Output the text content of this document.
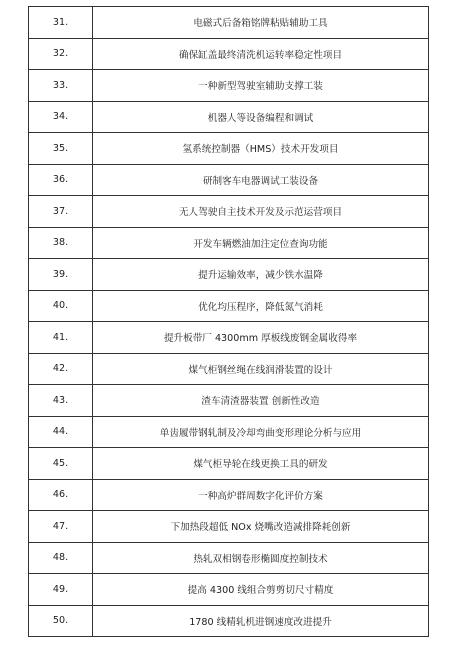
31.	电磁式后备箱铭牌粘贴辅助工具
32.	确保缸盖最终清洗机运转率稳定性项目
33.	一种新型驾驶室辅助支撑工装
34.	机器人等设备编程和调试
35.	氢系统控制器（HMS）技术开发项目
36.	研制客车电器调试工装设备
37.	无人驾驶自主技术开发及示范运营项目
38.	开发车辆燃油加注定位查询功能
39.	提升运输效率，减少铁水温降
40.	优化均压程序，降低氮气消耗
41.	提升板带厂 4300mm 厚板线废钢金属收得率
42.	煤气柜钢丝绳在线润滑装置的设计
43.	渣车清渣器装置 创新性改造
44.	单齿履带钢轧制及冷却弯曲变形理论分析与应用
45.	煤气柜导轮在线更换工具的研发
46.	一种高炉群周数字化评价方案
47.	下加热段超低 NOx 烧嘴改造减排降耗创新
48.	热轧双相钢卷形椭圆度控制技术
49.	提高 4300 线组合剪剪切尺寸精度
50.	1780 线精轧机进钢速度改进提升
